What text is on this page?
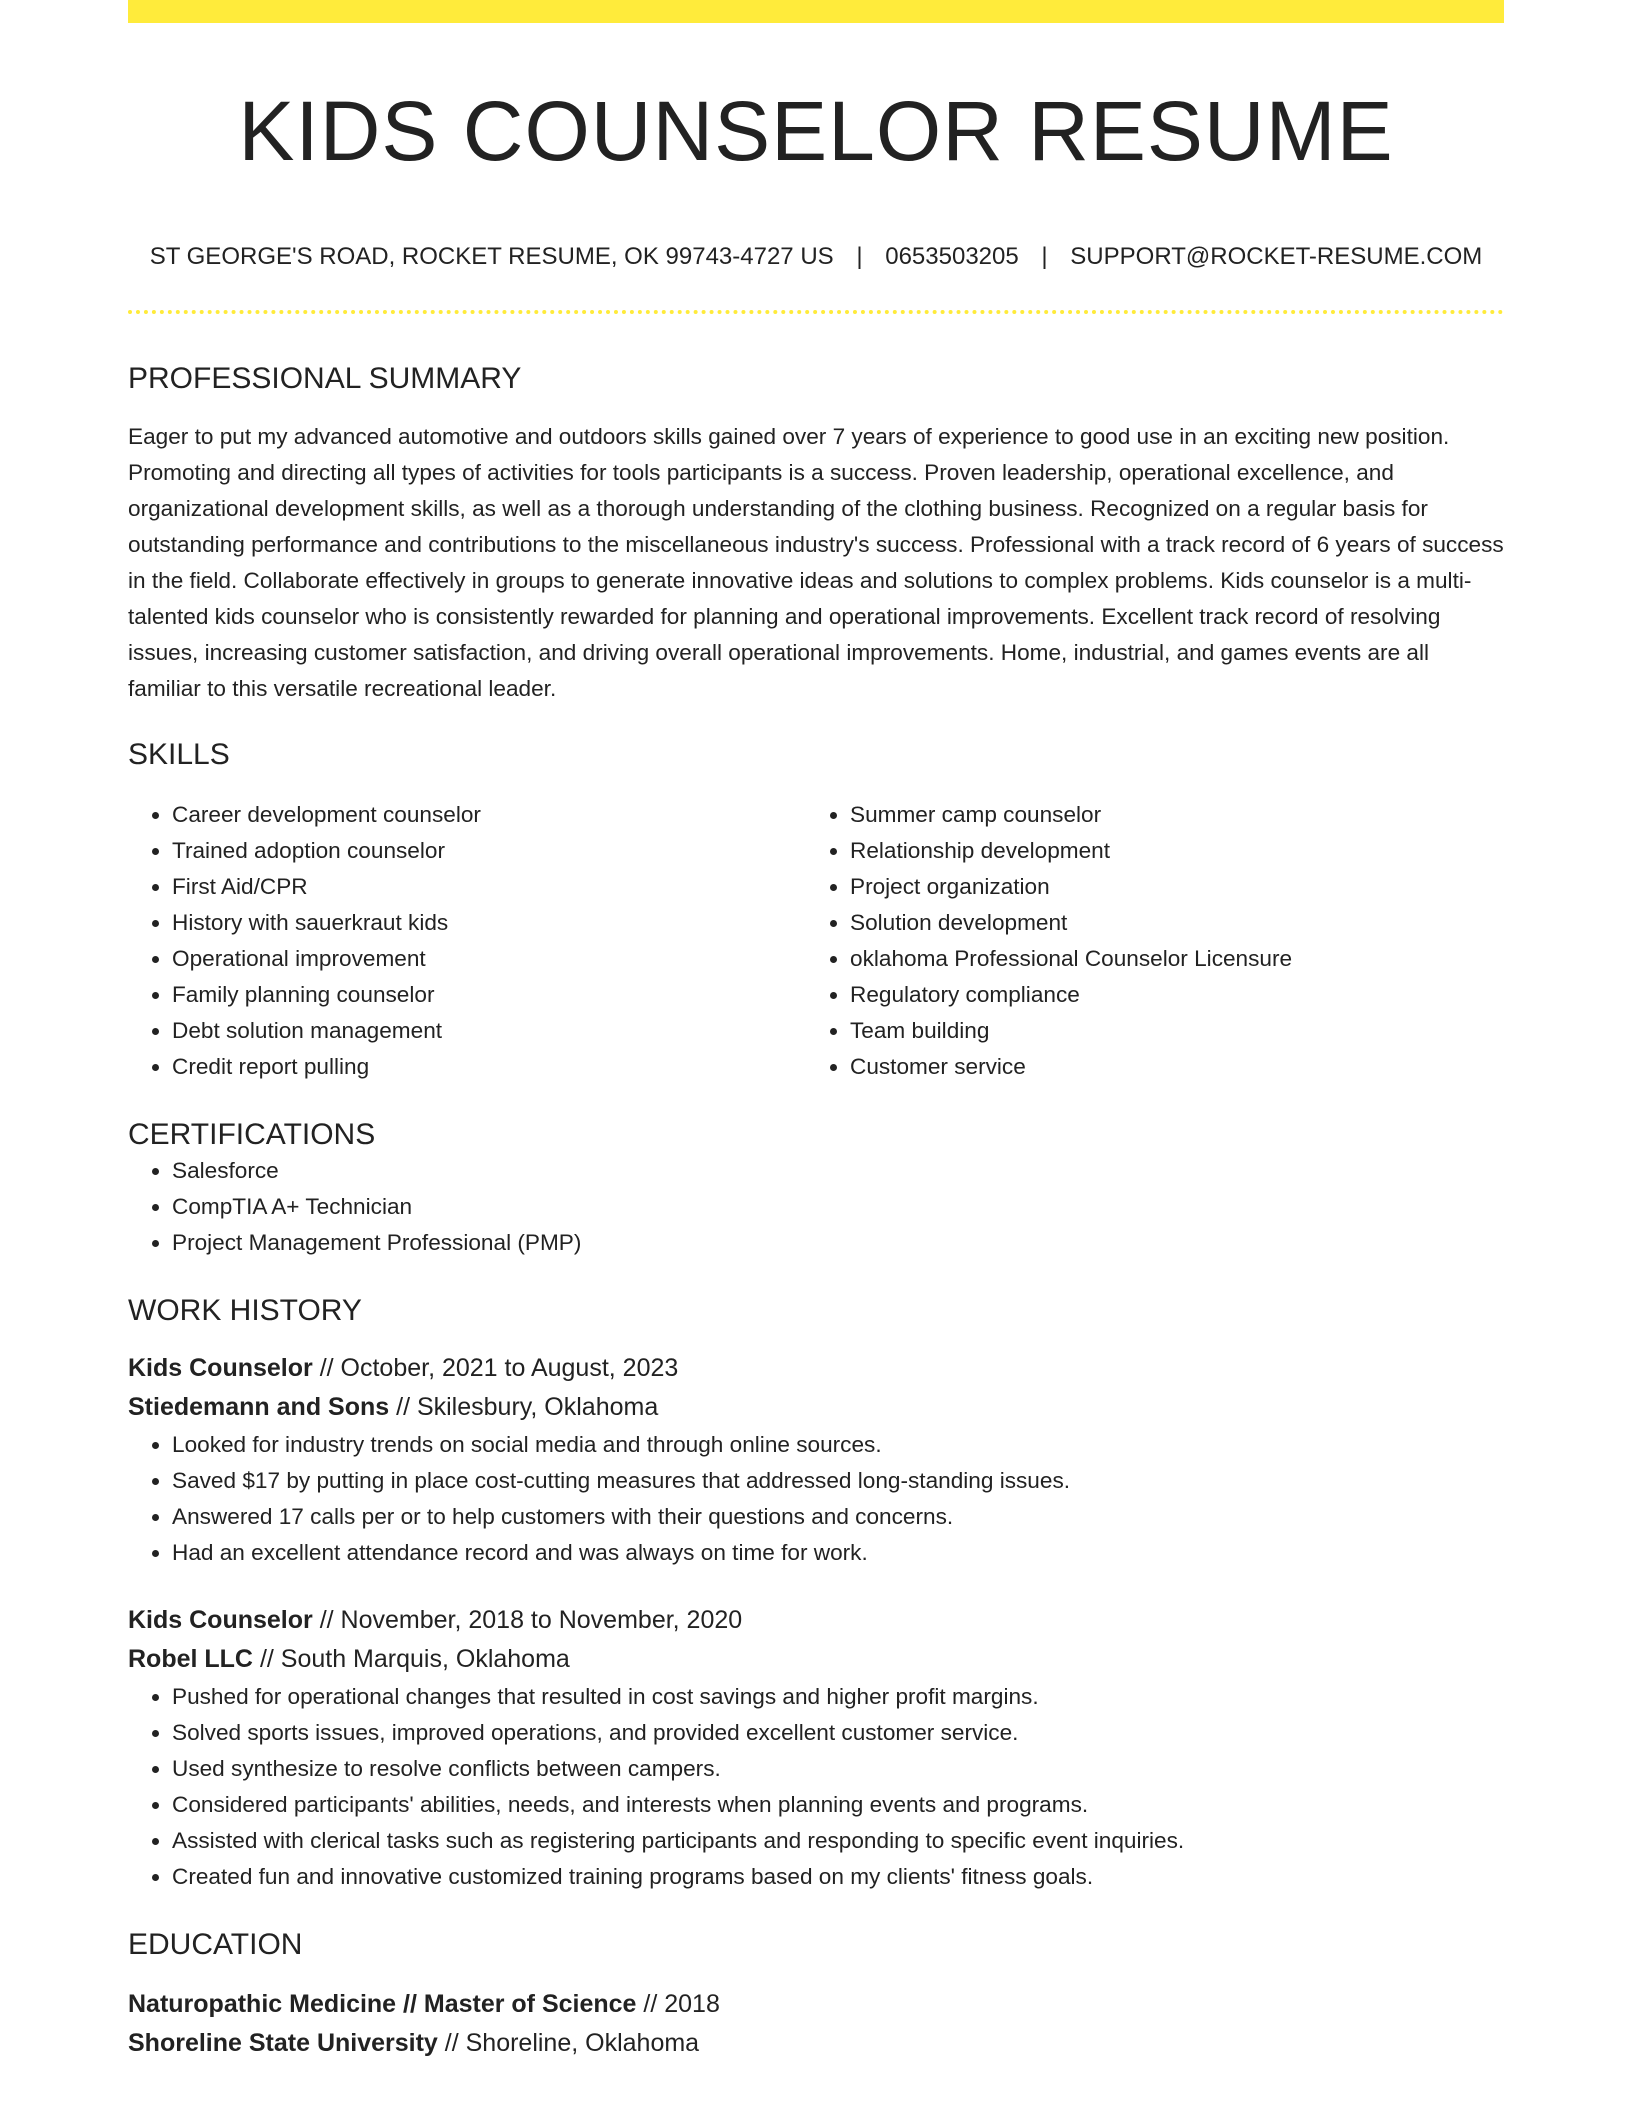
KIDS COUNSELOR RESUME
ST GEORGE'S ROAD, ROCKET RESUME, OK 99743-4727 US | 0653503205 | SUPPORT@ROCKET-RESUME.COM
PROFESSIONAL SUMMARY
Eager to put my advanced automotive and outdoors skills gained over 7 years of experience to good use in an exciting new position. Promoting and directing all types of activities for tools participants is a success. Proven leadership, operational excellence, and organizational development skills, as well as a thorough understanding of the clothing business. Recognized on a regular basis for outstanding performance and contributions to the miscellaneous industry's success. Professional with a track record of 6 years of success in the field. Collaborate effectively in groups to generate innovative ideas and solutions to complex problems. Kids counselor is a multi-talented kids counselor who is consistently rewarded for planning and operational improvements. Excellent track record of resolving issues, increasing customer satisfaction, and driving overall operational improvements. Home, industrial, and games events are all familiar to this versatile recreational leader.
SKILLS
• Career development counselor
• Trained adoption counselor
• First Aid/CPR
• History with sauerkraut kids
• Operational improvement
• Family planning counselor
• Debt solution management
• Credit report pulling
• Summer camp counselor
• Relationship development
• Project organization
• Solution development
• oklahoma Professional Counselor Licensure
• Regulatory compliance
• Team building
• Customer service
CERTIFICATIONS
• Salesforce
• CompTIA A+ Technician
• Project Management Professional (PMP)
WORK HISTORY
Kids Counselor // October, 2021 to August, 2023
Stiedemann and Sons // Skilesbury, Oklahoma
• Looked for industry trends on social media and through online sources.
• Saved $17 by putting in place cost-cutting measures that addressed long-standing issues.
• Answered 17 calls per or to help customers with their questions and concerns.
• Had an excellent attendance record and was always on time for work.
Kids Counselor // November, 2018 to November, 2020
Robel LLC // South Marquis, Oklahoma
• Pushed for operational changes that resulted in cost savings and higher profit margins.
• Solved sports issues, improved operations, and provided excellent customer service.
• Used synthesize to resolve conflicts between campers.
• Considered participants' abilities, needs, and interests when planning events and programs.
• Assisted with clerical tasks such as registering participants and responding to specific event inquiries.
• Created fun and innovative customized training programs based on my clients' fitness goals.
EDUCATION
Naturopathic Medicine // Master of Science // 2018
Shoreline State University // Shoreline, Oklahoma
